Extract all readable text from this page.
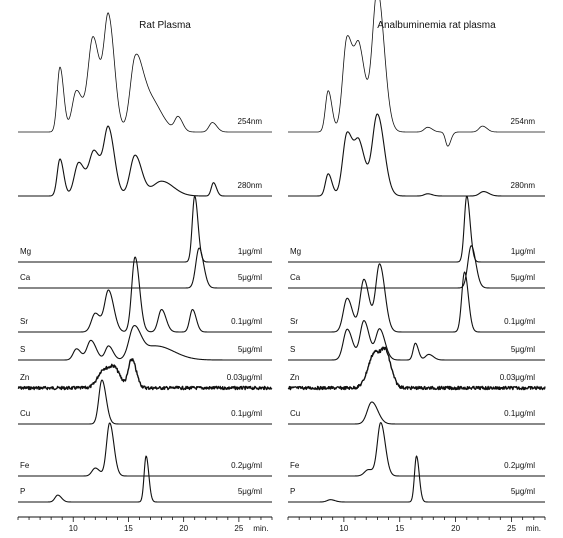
Rat Plasma
254nm
280nm
Mg	1μg/ml
Ca	5μg/ml
Sr	0.1μg/ml
S	5μg/ml
Zn	0.03μg/ml
Cu	0.1μg/ml
Fe	0.2μg/ml
P	5μg/ml
10	15	20	25 min.
Analbuminemia rat plasma
254nm
280nm
Mg	1μg/ml
Ca	5μg/ml
Sr	0.1μg/ml
S	5μg/ml
Zn	0.03μg/ml
Cu	0.1μg/ml
Fe	0.2μg/ml
P	5μg/ml
10	15	20	25 min.
